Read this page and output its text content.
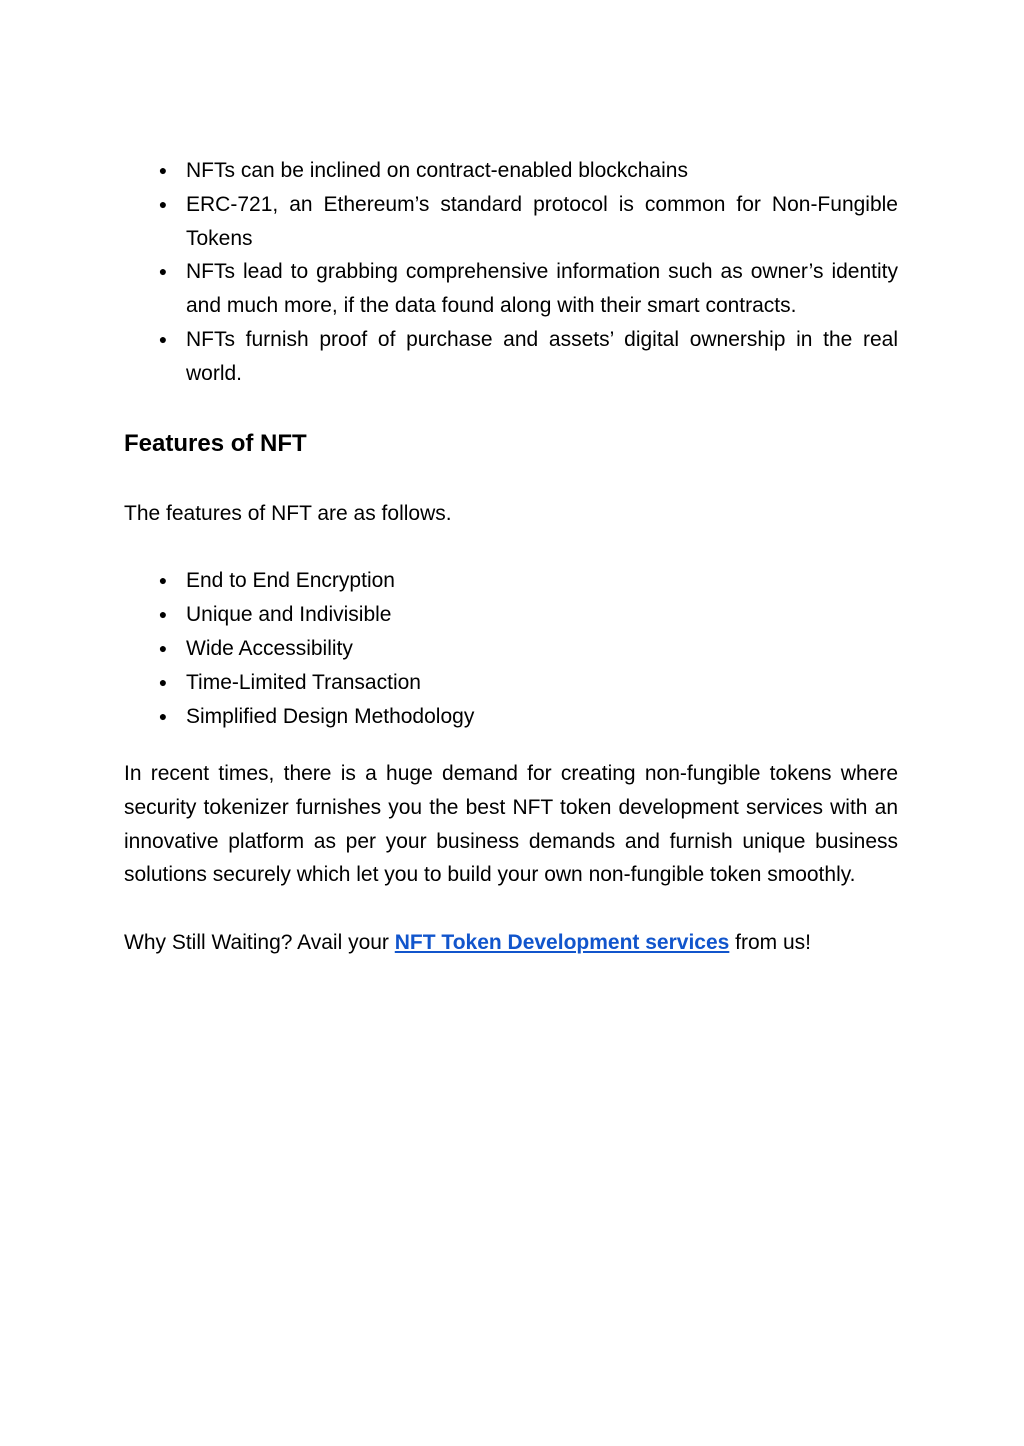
● NFTs can be inclined on contract-enabled blockchains
● ERC-721, an Ethereum’s standard protocol is common for Non-Fungible Tokens
● NFTs lead to grabbing comprehensive information such as owner’s identity and much more, if the data found along with their smart contracts.
● NFTs furnish proof of purchase and assets’ digital ownership in the real world.
Features of NFT

The features of NFT are as follows.

● End to End Encryption
● Unique and Indivisible
● Wide Accessibility
● Time-Limited Transaction
● Simplified Design Methodology

In recent times, there is a huge demand for creating non-fungible tokens where security tokenizer furnishes you the best NFT token development services with an innovative platform as per your business demands and furnish unique business solutions securely which let you to build your own non-fungible token smoothly.

Why Still Waiting? Avail your NFT Token Development services from us!
